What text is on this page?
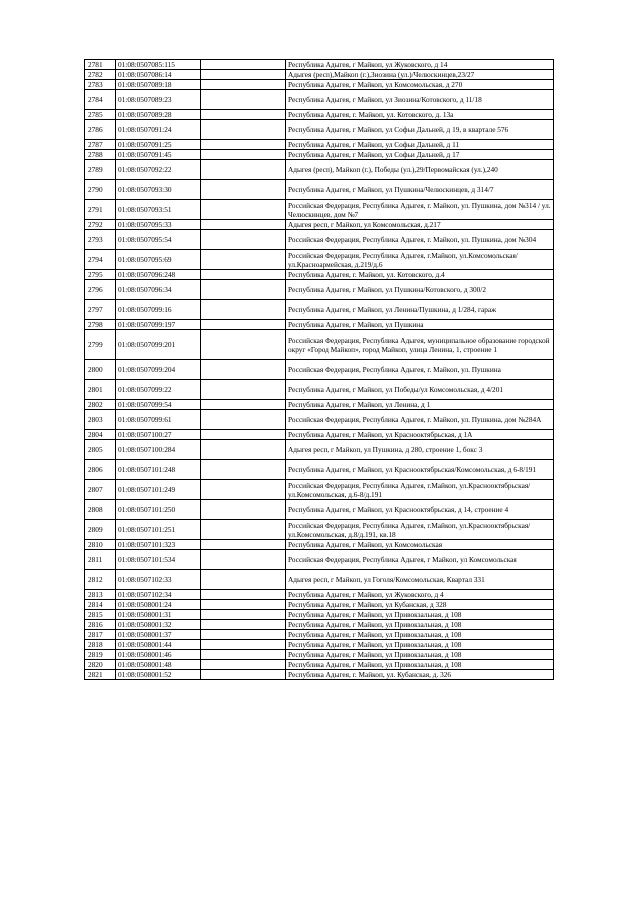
2781	01:08:0507085:115		Республика Адыгея, г Майкоп, ул Жуковского, д 14
2782	01:08:0507086:14		Адыгея (респ),Майкоп (г.),Зиозина (ул.)/Челюскинцев,23/27
2783	01:08:0507089:18		Республика Адыгея, г Майкоп, ул Комсомольская, д 270
2784	01:08:0507089:23		Республика Адыгея, г Майкоп, ул Зиозина/Котовского, д 11/18
2785	01:08:0507089:28		Республика Адыгея, г. Майкоп, ул. Котовского, д. 13а
2786	01:08:0507091:24		Республика Адыгея, г Майкоп, ул Софьи Дальней, д 19, в квартале 576
2787	01:08:0507091:25		Республика Адыгея, г Майкоп, ул Софьи Дальней, д 11
2788	01:08:0507091:45		Республика Адыгея, г Майкоп, ул Софьи Дальней, д 17
2789	01:08:0507092:22		Адыгея (респ), Майкоп (г.), Победы (ул.),29/Первомайская (ул.),240
2790	01:08:0507093:30		Республика Адыгея, г Майкоп, ул Пушкина/Челюскинцев, д 314/7
2791	01:08:0507093:51		Российская Федерация, Республика Адыгея, г. Майкоп, ул. Пушкина, дом №314 / ул. Челюскинцев, дом №7
2792	01:08:0507095:33		Адыгея респ, г Майкоп, ул Комсомольская, д.217
2793	01:08:0507095:54		Российская Федерация, Республика Адыгея, г. Майкоп, ул. Пушкина, дом №304
2794	01:08:0507095:69		Российская Федерация, Республика Адыгея, г.Майкоп, ул.Комсомольская/ул.Красноармейская, д.219/д.6
2795	01:08:0507096:248		Республика Адыгея, г. Майкоп, ул. Котовского, д.4
2796	01:08:0507096:34		Республика Адыгея, г Майкоп, ул Пушкина/Котовского, д 300/2
2797	01:08:0507099:16		Республика Адыгея, г Майкоп, ул Ленина/Пушкина, д 1/284, гараж
2798	01:08:0507099:197		Республика Адыгея, г Майкоп, ул Пушкина
2799	01:08:0507099:201		Российская Федерация, Республика Адыгея, муниципальное образование городской округ «Город Майкоп», город Майкоп, улица Ленина, 1, строение 1
2800	01:08:0507099:204		Российская Федерация, Республика Адыгея, г. Майкоп, ул. Пушкина
2801	01:08:0507099:22		Республика Адыгея, г Майкоп, ул Победы/ул Комсомольская, д 4/201
2802	01:08:0507099:54		Республика Адыгея, г Майкоп, ул Ленина, д 1
2803	01:08:0507099:61		Российская Федерация, Республика Адыгея, г. Майкоп, ул. Пушкина, дом №284А
2804	01:08:0507100:27		Республика Адыгея, г Майкоп, ул Краснооктябрьская, д 1А
2805	01:08:0507100:284		Адыгея респ, г Майкоп, ул Пушкина, д 280, строение 1, бокс 3
2806	01:08:0507101:248		Республика Адыгея, г Майкоп, ул Краснооктябрьская/Комсомольская, д 6-8/191
2807	01:08:0507101:249		Российская Федерация, Республика Адыгея, г.Майкоп, ул.Краснооктябрьская/ул.Комсомольская, д.6-8/д.191
2808	01:08:0507101:250		Республика Адыгея, г Майкоп, ул Краснооктябрьская, д 14, строение 4
2809	01:08:0507101:251		Российская Федерация, Республика Адыгея, г.Майкоп, ул.Краснооктябрьская/ул.Комсомольская, д.8/д.191, кв.18
2810	01:08:0507101:323		Республика Адыгея, г Майкоп, ул Комсомольская
2811	01:08:0507101:534		Российская Федерация, Республика Адыгея, г Майкоп, ул Комсомольская
2812	01:08:0507102:33		Адыгея респ, г Майкоп, ул Гоголя/Комсомольская, Квартал 331
2813	01:08:0507102:34		Республика Адыгея, г Майкоп, ул Жуковского, д 4
2814	01:08:0508001:24		Республика Адыгея, г Майкоп, ул Кубанская, д 328
2815	01:08:0508001:31		Республика Адыгея, г Майкоп, ул Привокзальная, д 108
2816	01:08:0508001:32		Республика Адыгея, г Майкоп, ул Привокзальная, д 108
2817	01:08:0508001:37		Республика Адыгея, г Майкоп, ул Привокзальная, д 108
2818	01:08:0508001:44		Республика Адыгея, г Майкоп, ул Привокзальная, д 108
2819	01:08:0508001:46		Республика Адыгея, г Майкоп, ул Привокзальная, д 108
2820	01:08:0508001:48		Республика Адыгея, г Майкоп, ул Привокзальная, д 108
2821	01:08:0508001:52		Республика Адыгея, г. Майкоп, ул. Кубанская, д. 326
